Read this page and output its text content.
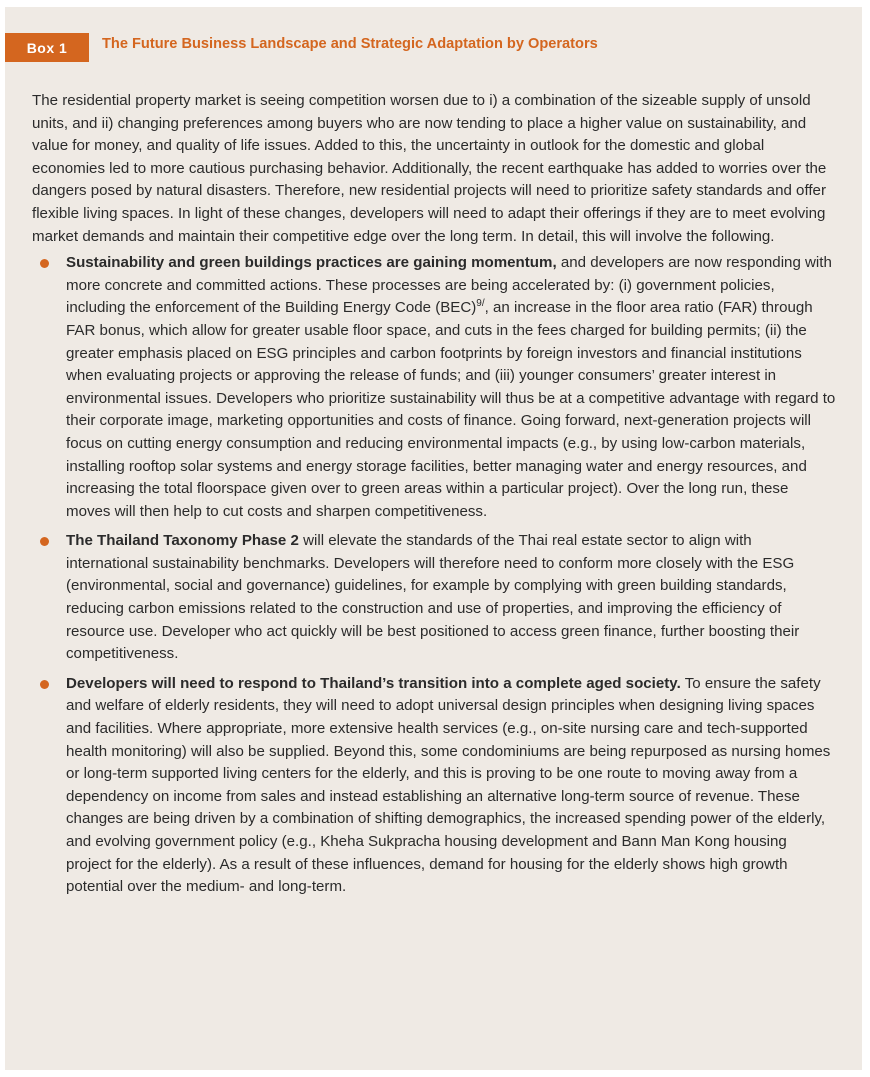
Box 1	The Future Business Landscape and Strategic Adaptation by Operators

The residential property market is seeing competition worsen due to i) a combination of the sizeable supply of unsold units, and ii) changing preferences among buyers who are now tending to place a higher value on sustainability, and value for money, and quality of life issues. Added to this, the uncertainty in outlook for the domestic and global economies led to more cautious purchasing behavior. Additionally, the recent earthquake has added to worries over the dangers posed by natural disasters. Therefore, new residential projects will need to prioritize safety standards and offer flexible living spaces. In light of these changes, developers will need to adapt their offerings if they are to meet evolving market demands and maintain their competitive edge over the long term. In detail, this will involve the following.

Sustainability and green buildings practices are gaining momentum, and developers are now responding with more concrete and committed actions. These processes are being accelerated by: (i) government policies, including the enforcement of the Building Energy Code (BEC)$^{9/}$, an increase in the floor area ratio (FAR) through FAR bonus, which allow for greater usable floor space, and cuts in the fees charged for building permits; (ii) the greater emphasis placed on ESG principles and carbon footprints by foreign investors and financial institutions when evaluating projects or approving the release of funds; and (iii) younger consumers’ greater interest in environmental issues. Developers who prioritize sustainability will thus be at a competitive advantage with regard to their corporate image, marketing opportunities and costs of finance. Going forward, next-generation projects will focus on cutting energy consumption and reducing environmental impacts (e.g., by using low-carbon materials, installing rooftop solar systems and energy storage facilities, better managing water and energy resources, and increasing the total floorspace given over to green areas within a particular project). Over the long run, these moves will then help to cut costs and sharpen competitiveness.
The Thailand Taxonomy Phase 2 will elevate the standards of the Thai real estate sector to align with international sustainability benchmarks. Developers will therefore need to conform more closely with the ESG (environmental, social and governance) guidelines, for example by complying with green building standards, reducing carbon emissions related to the construction and use of properties, and improving the efficiency of resource use. Developer who act quickly will be best positioned to access green finance, further boosting their competitiveness.
Developers will need to respond to Thailand’s transition into a complete aged society. To ensure the safety and welfare of elderly residents, they will need to adopt universal design principles when designing living spaces and facilities. Where appropriate, more extensive health services (e.g., on-site nursing care and tech-supported health monitoring) will also be supplied. Beyond this, some condominiums are being repurposed as nursing homes or long-term supported living centers for the elderly, and this is proving to be one route to moving away from a dependency on income from sales and instead establishing an alternative long-term source of revenue. These changes are being driven by a combination of shifting demographics, the increased spending power of the elderly, and evolving government policy (e.g., Kheha Sukpracha housing development and Bann Man Kong housing project for the elderly). As a result of these influences, demand for housing for the elderly shows high growth potential over the medium- and long-term.
